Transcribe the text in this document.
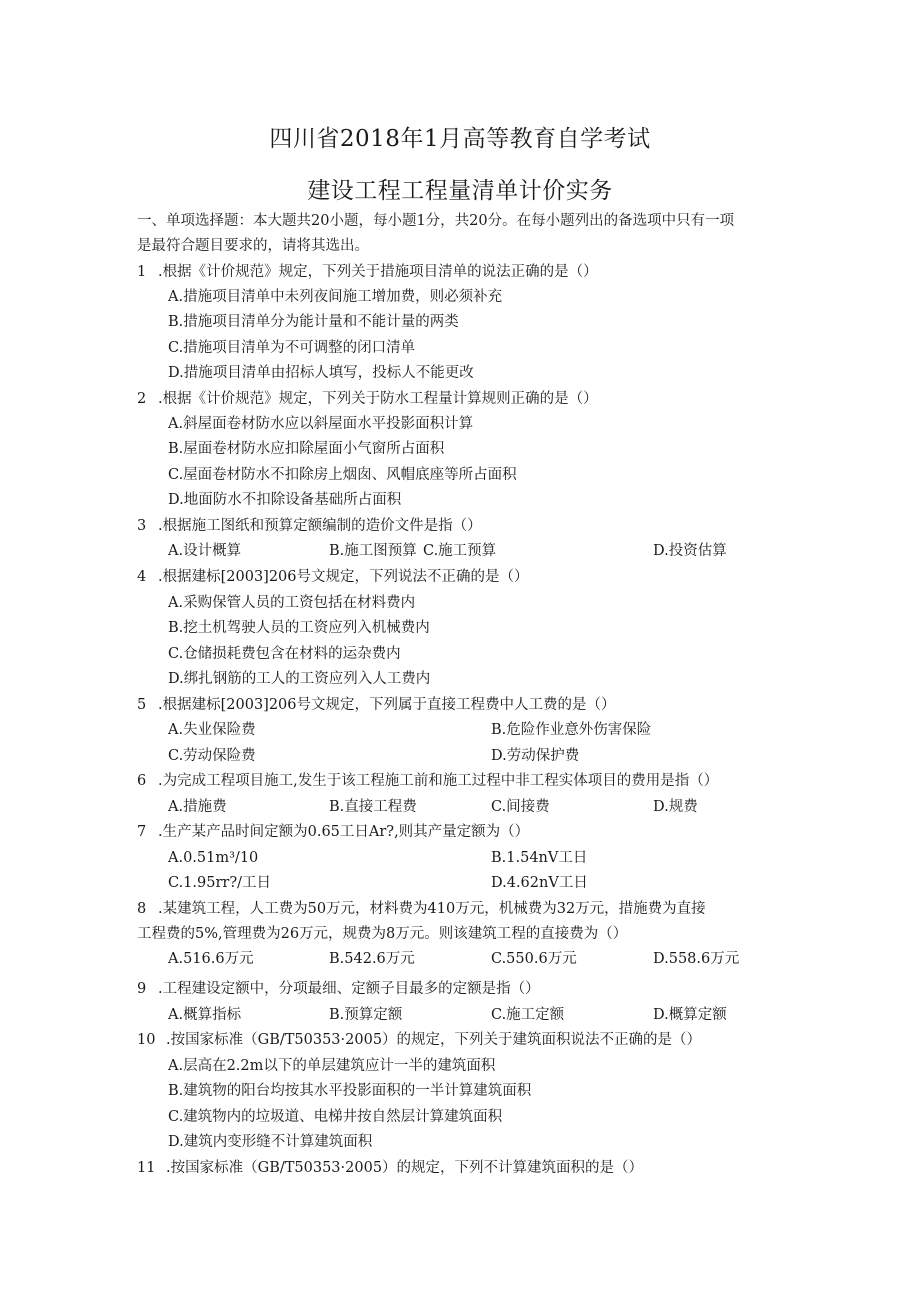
四川省2018年1月高等教育自学考试
建设工程工程量清单计价实务
一、单项选择题：本大题共20小题，每小题1分，共20分。在每小题列出的备选项中只有一项
是最符合题目要求的，请将其选出。
1 .根据《计价规范》规定，下列关于措施项目清单的说法正确的是（）
A.措施项目清单中未列夜间施工增加费，则必须补充
B.措施项目清单分为能计量和不能计量的两类
C.措施项目清单为不可调整的闭口清单
D.措施项目清单由招标人填写，投标人不能更改
2 .根据《计价规范》规定，下列关于防水工程量计算规则正确的是（）
A.斜屋面卷材防水应以斜屋面水平投影面积计算
B.屋面卷材防水应扣除屋面小气窗所占面积
C.屋面卷材防水不扣除房上烟囱、风帽底座等所占面积
D.地面防水不扣除设备基础所占面积
3 .根据施工图纸和预算定额编制的造价文件是指（）
A.设计概算	B.施工图预算 C.施工预算	D.投资估算
4 .根据建标[2003]206号文规定，下列说法不正确的是（）
A.采购保管人员的工资包括在材料费内
B.挖土机驾驶人员的工资应列入机械费内
C.仓储损耗费包含在材料的运杂费内
D.绑扎钢筋的工人的工资应列入人工费内
5 .根据建标[2003]206号文规定，下列属于直接工程费中人工费的是（）
A.失业保险费	B.危险作业意外伤害保险
C.劳动保险费	D.劳动保护费
6 .为完成工程项目施工,发生于该工程施工前和施工过程中非工程实体项目的费用是指（）
A.措施费	B.直接工程费	C.间接费	D.规费
7 .生产某产品时间定额为0.65工日Ar?,则其产量定额为（）
A.0.51m³/10	B.1.54nV工日
C.1.95rr?/工日	D.4.62nV工日
8 .某建筑工程，人工费为50万元，材料费为410万元，机械费为32万元，措施费为直接
工程费的5%,管理费为26万元，规费为8万元。则该建筑工程的直接费为（）
A.516.6万元	B.542.6万元	C.550.6万元	D.558.6万元
9 .工程建设定额中，分项最细、定额子目最多的定额是指（）
A.概算指标	B.预算定额	C.施工定额	D.概算定额
10 .按国家标准（GB/T50353·2005）的规定，下列关于建筑面积说法不正确的是（）
A.层高在2.2m以下的单层建筑应计一半的建筑面积
B.建筑物的阳台均按其水平投影面积的一半计算建筑面积
C.建筑物内的垃圾道、电梯井按自然层计算建筑面积
D.建筑内变形缝不计算建筑面积
11 .按国家标准（GB/T50353·2005）的规定，下列不计算建筑面积的是（）
